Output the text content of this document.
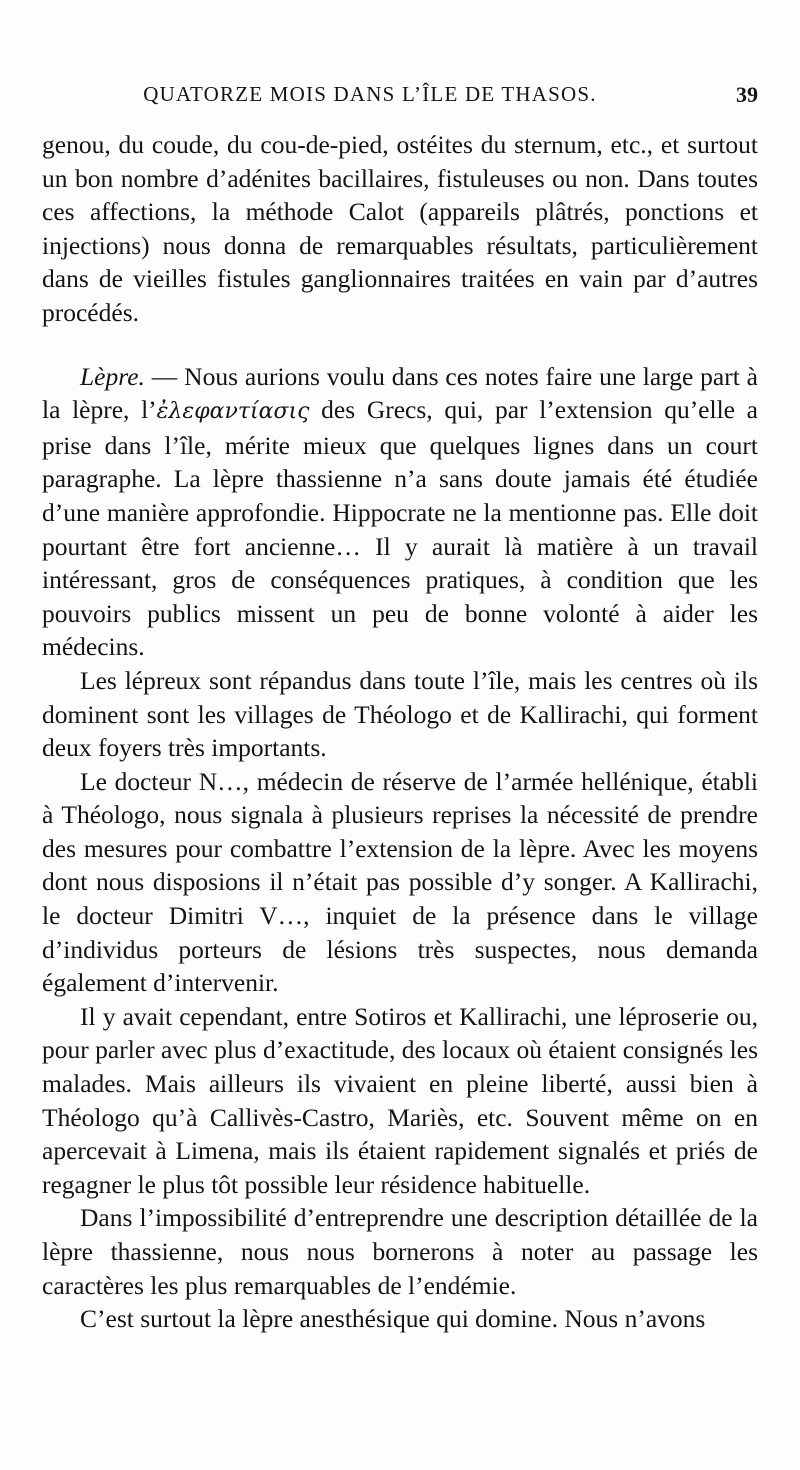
QUATORZE MOIS DANS L’ÎLE DE THASOS.	39

genou, du coude, du cou-de-pied, ostéites du sternum, etc., et surtout un bon nombre d’adénites bacillaires, fistuleuses ou non. Dans toutes ces affections, la méthode Calot (appareils plâtrés, ponctions et injections) nous donna de remarquables résultats, particulièrement dans de vieilles fistules ganglionnaires traitées en vain par d’autres procédés.

Lèpre. — Nous aurions voulu dans ces notes faire une large part à la lèpre, l’ἐλεφαντίασις des Grecs, qui, par l’extension qu’elle a prise dans l’île, mérite mieux que quelques lignes dans un court paragraphe. La lèpre thassienne n’a sans doute jamais été étudiée d’une manière approfondie. Hippocrate ne la mentionne pas. Elle doit pourtant être fort ancienne… Il y aurait là matière à un travail intéressant, gros de conséquences pratiques, à condition que les pouvoirs publics missent un peu de bonne volonté à aider les médecins.

Les lépreux sont répandus dans toute l’île, mais les centres où ils dominent sont les villages de Théologo et de Kallirachi, qui forment deux foyers très importants.

Le docteur N…, médecin de réserve de l’armée hellénique, établi à Théologo, nous signala à plusieurs reprises la nécessité de prendre des mesures pour combattre l’extension de la lèpre. Avec les moyens dont nous disposions il n’était pas possible d’y songer. A Kallirachi, le docteur Dimitri V…, inquiet de la présence dans le village d’individus porteurs de lésions très suspectes, nous demanda également d’intervenir.

Il y avait cependant, entre Sotiros et Kallirachi, une léproserie ou, pour parler avec plus d’exactitude, des locaux où étaient consignés les malades. Mais ailleurs ils vivaient en pleine liberté, aussi bien à Théologo qu’à Callivès-Castro, Mariès, etc. Souvent même on en apercevait à Limena, mais ils étaient rapidement signalés et priés de regagner le plus tôt possible leur résidence habituelle.

Dans l’impossibilité d’entreprendre une description détaillée de la lèpre thassienne, nous nous bornerons à noter au passage les caractères les plus remarquables de l’endémie.

C’est surtout la lèpre anesthésique qui domine. Nous n’avons
